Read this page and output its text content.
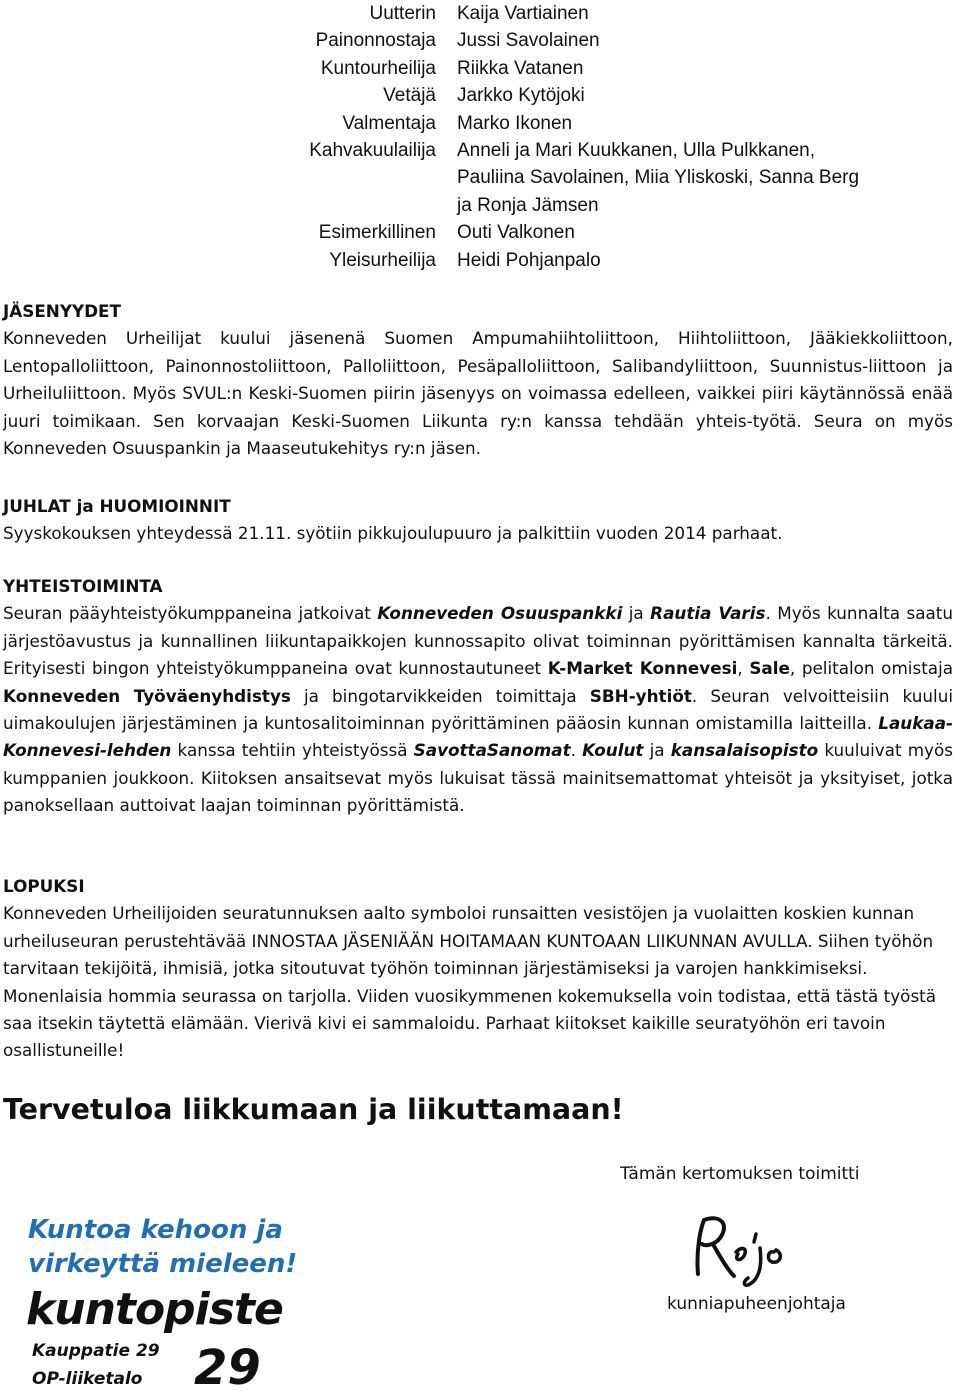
Uutterin Kaija Vartiainen
Painonnostaja Jussi Savolainen
Kuntourheilija Riikka Vatanen
Vetäjä Jarkko Kytöjoki
Valmentaja Marko Ikonen
Kahvakuulailija Anneli ja Mari Kuukkanen, Ulla Pulkkanen,
Pauliina Savolainen, Miia Yliskoski, Sanna Berg
ja Ronja Jämsen
Esimerkillinen Outi Valkonen
Yleisurheilija Heidi Pohjanpalo
JÄSENYYDET

Konneveden Urheilijat kuului jäsenenä Suomen Ampumahiihtoliittoon, Hiihtoliittoon, Jääkiekkoliittoon, Lentopalloliittoon, Painonnostoliittoon, Palloliittoon, Pesäpalloliittoon, Salibandyliittoon, Suunnistus-liittoon ja Urheiluliittoon. Myös SVUL:n Keski-Suomen piirin jäsenyys on voimassa edelleen, vaikkei piiri käytännössä enää juuri toimikaan. Sen korvaajan Keski-Suomen Liikunta ry:n kanssa tehdään yhteis-työtä. Seura on myös Konneveden Osuuspankin ja Maaseutukehitys ry:n jäsen.

JUHLAT ja HUOMIOINNIT

Syyskokouksen yhteydessä 21.11. syötiin pikkujoulupuuro ja palkittiin vuoden 2014 parhaat.

YHTEISTOIMINTA

Seuran pääyhteistyökumppaneina jatkoivat Konneveden Osuuspankki ja Rautia Varis. Myös kunnalta saatu järjestöavustus ja kunnallinen liikuntapaikkojen kunnossapito olivat toiminnan pyörittämisen kannalta tärkeitä. Erityisesti bingon yhteistyökumppaneina ovat kunnostautuneet K-Market Konnevesi, Sale, pelitalon omistaja Konneveden Työväenyhdistys ja bingotarvikkeiden toimittaja SBH-yhtiöt. Seuran velvoitteisiin kuului uimakoulujen järjestäminen ja kuntosalitoiminnan pyörittäminen pääosin kunnan omistamilla laitteilla. Laukaa-Konnevesi-lehden kanssa tehtiin yhteistyössä SavottaSanomat. Koulut ja kansalaisopisto kuuluivat myös kumppanien joukkoon. Kiitoksen ansaitsevat myös lukuisat tässä mainitsemattomat yhteisöt ja yksityiset, jotka panoksellaan auttoivat laajan toiminnan pyörittämistä.

LOPUKSI

Konneveden Urheilijoiden seuratunnuksen aalto symboloi runsaitten vesistöjen ja vuolaitten koskien kunnan urheiluseuran perustehtävää INNOSTAA JÄSENIÄÄN HOITAMAAN KUNTOAAN LIIKUNNAN AVULLA. Siihen työhön tarvitaan tekijöitä, ihmisiä, jotka sitoutuvat työhön toiminnan järjestämiseksi ja varojen hankkimiseksi. Monenlaisia hommia seurassa on tarjolla. Viiden vuosikymmenen kokemuksella voin todistaa, että tästä työstä saa itsekin täytettä elämään. Vierivä kivi ei sammaloidu. Parhaat kiitokset kaikille seuratyöhön eri tavoin osallistuneille!

Tervetuloa liikkumaan ja liikuttamaan!
Tämän kertomuksen toimitti
kunniapuheenjohtaja
Kuntoa kehoon ja
virkeyttä mieleen!
kuntopiste
Kauppatie 29
OP-liiketalo 29
